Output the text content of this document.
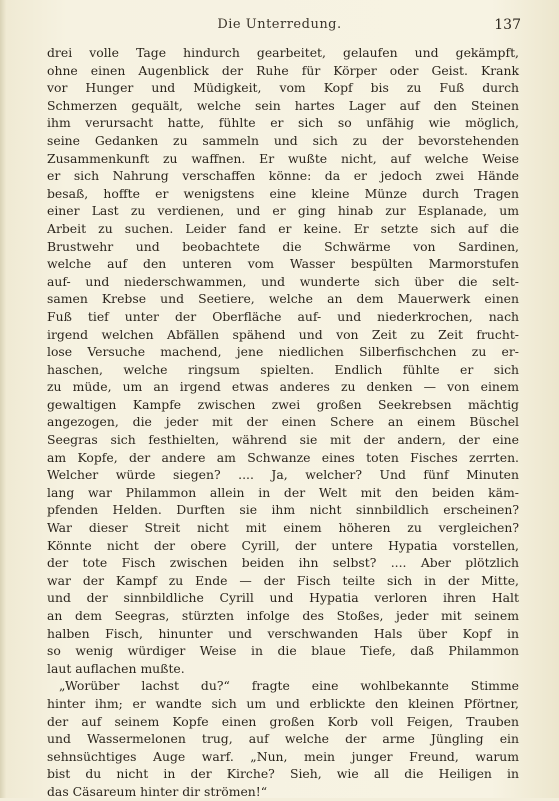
Die Unterredung.	137
drei volle Tage hindurch gearbeitet, gelaufen und gekämpft,
ohne einen Augenblick der Ruhe für Körper oder Geist. Krank
vor Hunger und Müdigkeit, vom Kopf bis zu Fuß durch
Schmerzen gequält, welche sein hartes Lager auf den Steinen
ihm verursacht hatte, fühlte er sich so unfähig wie möglich,
seine Gedanken zu sammeln und sich zu der bevorstehenden
Zusammenkunft zu waffnen. Er wußte nicht, auf welche Weise
er sich Nahrung verschaffen könne: da er jedoch zwei Hände
besaß, hoffte er wenigstens eine kleine Münze durch Tragen
einer Last zu verdienen, und er ging hinab zur Esplanade, um
Arbeit zu suchen. Leider fand er keine. Er setzte sich auf die
Brustwehr und beobachtete die Schwärme von Sardinen,
welche auf den unteren vom Wasser bespülten Marmorstufen
auf- und niederschwammen, und wunderte sich über die selt-
samen Krebse und Seetiere, welche an dem Mauerwerk einen
Fuß tief unter der Oberfläche auf- und niederkrochen, nach
irgend welchen Abfällen spähend und von Zeit zu Zeit frucht-
lose Versuche machend, jene niedlichen Silberfischchen zu er-
haschen, welche ringsum spielten. Endlich fühlte er sich
zu müde, um an irgend etwas anderes zu denken — von einem
gewaltigen Kampfe zwischen zwei großen Seekrebsen mächtig
angezogen, die jeder mit der einen Schere an einem Büschel
Seegras sich festhielten, während sie mit der andern, der eine
am Kopfe, der andere am Schwanze eines toten Fisches zerrten.
Welcher würde siegen? .... Ja, welcher? Und fünf Minuten
lang war Philammon allein in der Welt mit den beiden käm-
pfenden Helden. Durften sie ihm nicht sinnbildlich erscheinen?
War dieser Streit nicht mit einem höheren zu vergleichen?
Könnte nicht der obere Cyrill, der untere Hypatia vorstellen,
der tote Fisch zwischen beiden ihn selbst? .... Aber plötzlich
war der Kampf zu Ende — der Fisch teilte sich in der Mitte,
und der sinnbildliche Cyrill und Hypatia verloren ihren Halt
an dem Seegras, stürzten infolge des Stoßes, jeder mit seinem
halben Fisch, hinunter und verschwanden Hals über Kopf in
so wenig würdiger Weise in die blaue Tiefe, daß Philammon
laut auflachen mußte.
„Worüber lachst du?“ fragte eine wohlbekannte Stimme
hinter ihm; er wandte sich um und erblickte den kleinen Pförtner,
der auf seinem Kopfe einen großen Korb voll Feigen, Trauben
und Wassermelonen trug, auf welche der arme Jüngling ein
sehnsüchtiges Auge warf. „Nun, mein junger Freund, warum
bist du nicht in der Kirche? Sieh, wie all die Heiligen in
das Cäsareum hinter dir strömen!“
